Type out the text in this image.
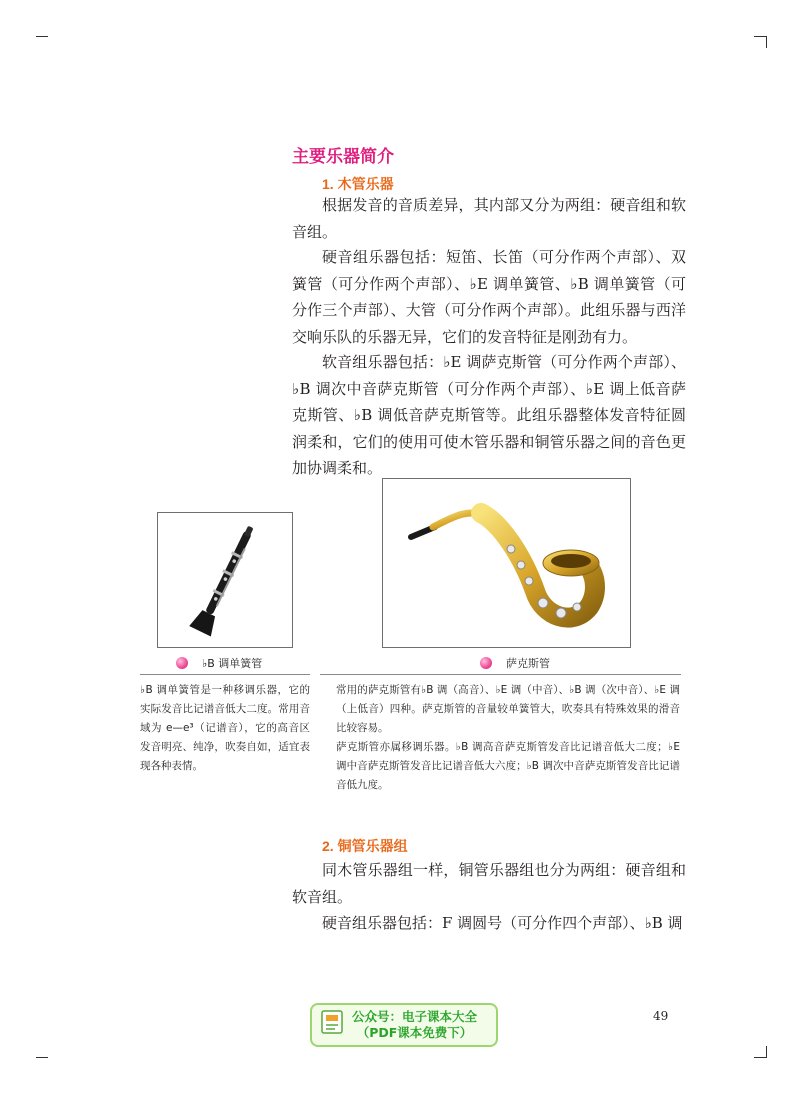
主要乐器简介
1. 木管乐器

根据发音的音质差异，其内部又分为两组：硬音组和软音组。

硬音组乐器包括：短笛、长笛（可分作两个声部）、双簧管（可分作两个声部）、♭E 调单簧管、♭B 调单簧管（可分作三个声部）、大管（可分作两个声部）。此组乐器与西洋交响乐队的乐器无异，它们的发音特征是刚劲有力。

软音组乐器包括：♭E 调萨克斯管（可分作两个声部）、♭B 调次中音萨克斯管（可分作两个声部）、♭E 调上低音萨克斯管、♭B 调低音萨克斯管等。此组乐器整体发音特征圆润柔和，它们的使用可使木管乐器和铜管乐器之间的音色更加协调柔和。

♭B 调单簧管	萨克斯管

♭B 调单簧管是一种移调乐器，它的实际发音比记谱音低大二度。常用音域为 e—e³（记谱音），它的高音区发音明亮、纯净，吹奏自如，适宜表现各种表情。

常用的萨克斯管有♭B 调（高音）、♭E 调（中音）、♭B 调（次中音）、♭E 调（上低音）四种。萨克斯管的音量较单簧管大，吹奏具有特殊效果的滑音比较容易。

萨克斯管亦属移调乐器。♭B 调高音萨克斯管发音比记谱音低大二度；♭E 调中音萨克斯管发音比记谱音低大六度；♭B 调次中音萨克斯管发音比记谱音低九度。

2. 铜管乐器组

同木管乐器组一样，铜管乐器组也分为两组：硬音组和软音组。

硬音组乐器包括：F 调圆号（可分作四个声部）、♭B 调

49
公众号：电子课本大全
（PDF课本免费下）
